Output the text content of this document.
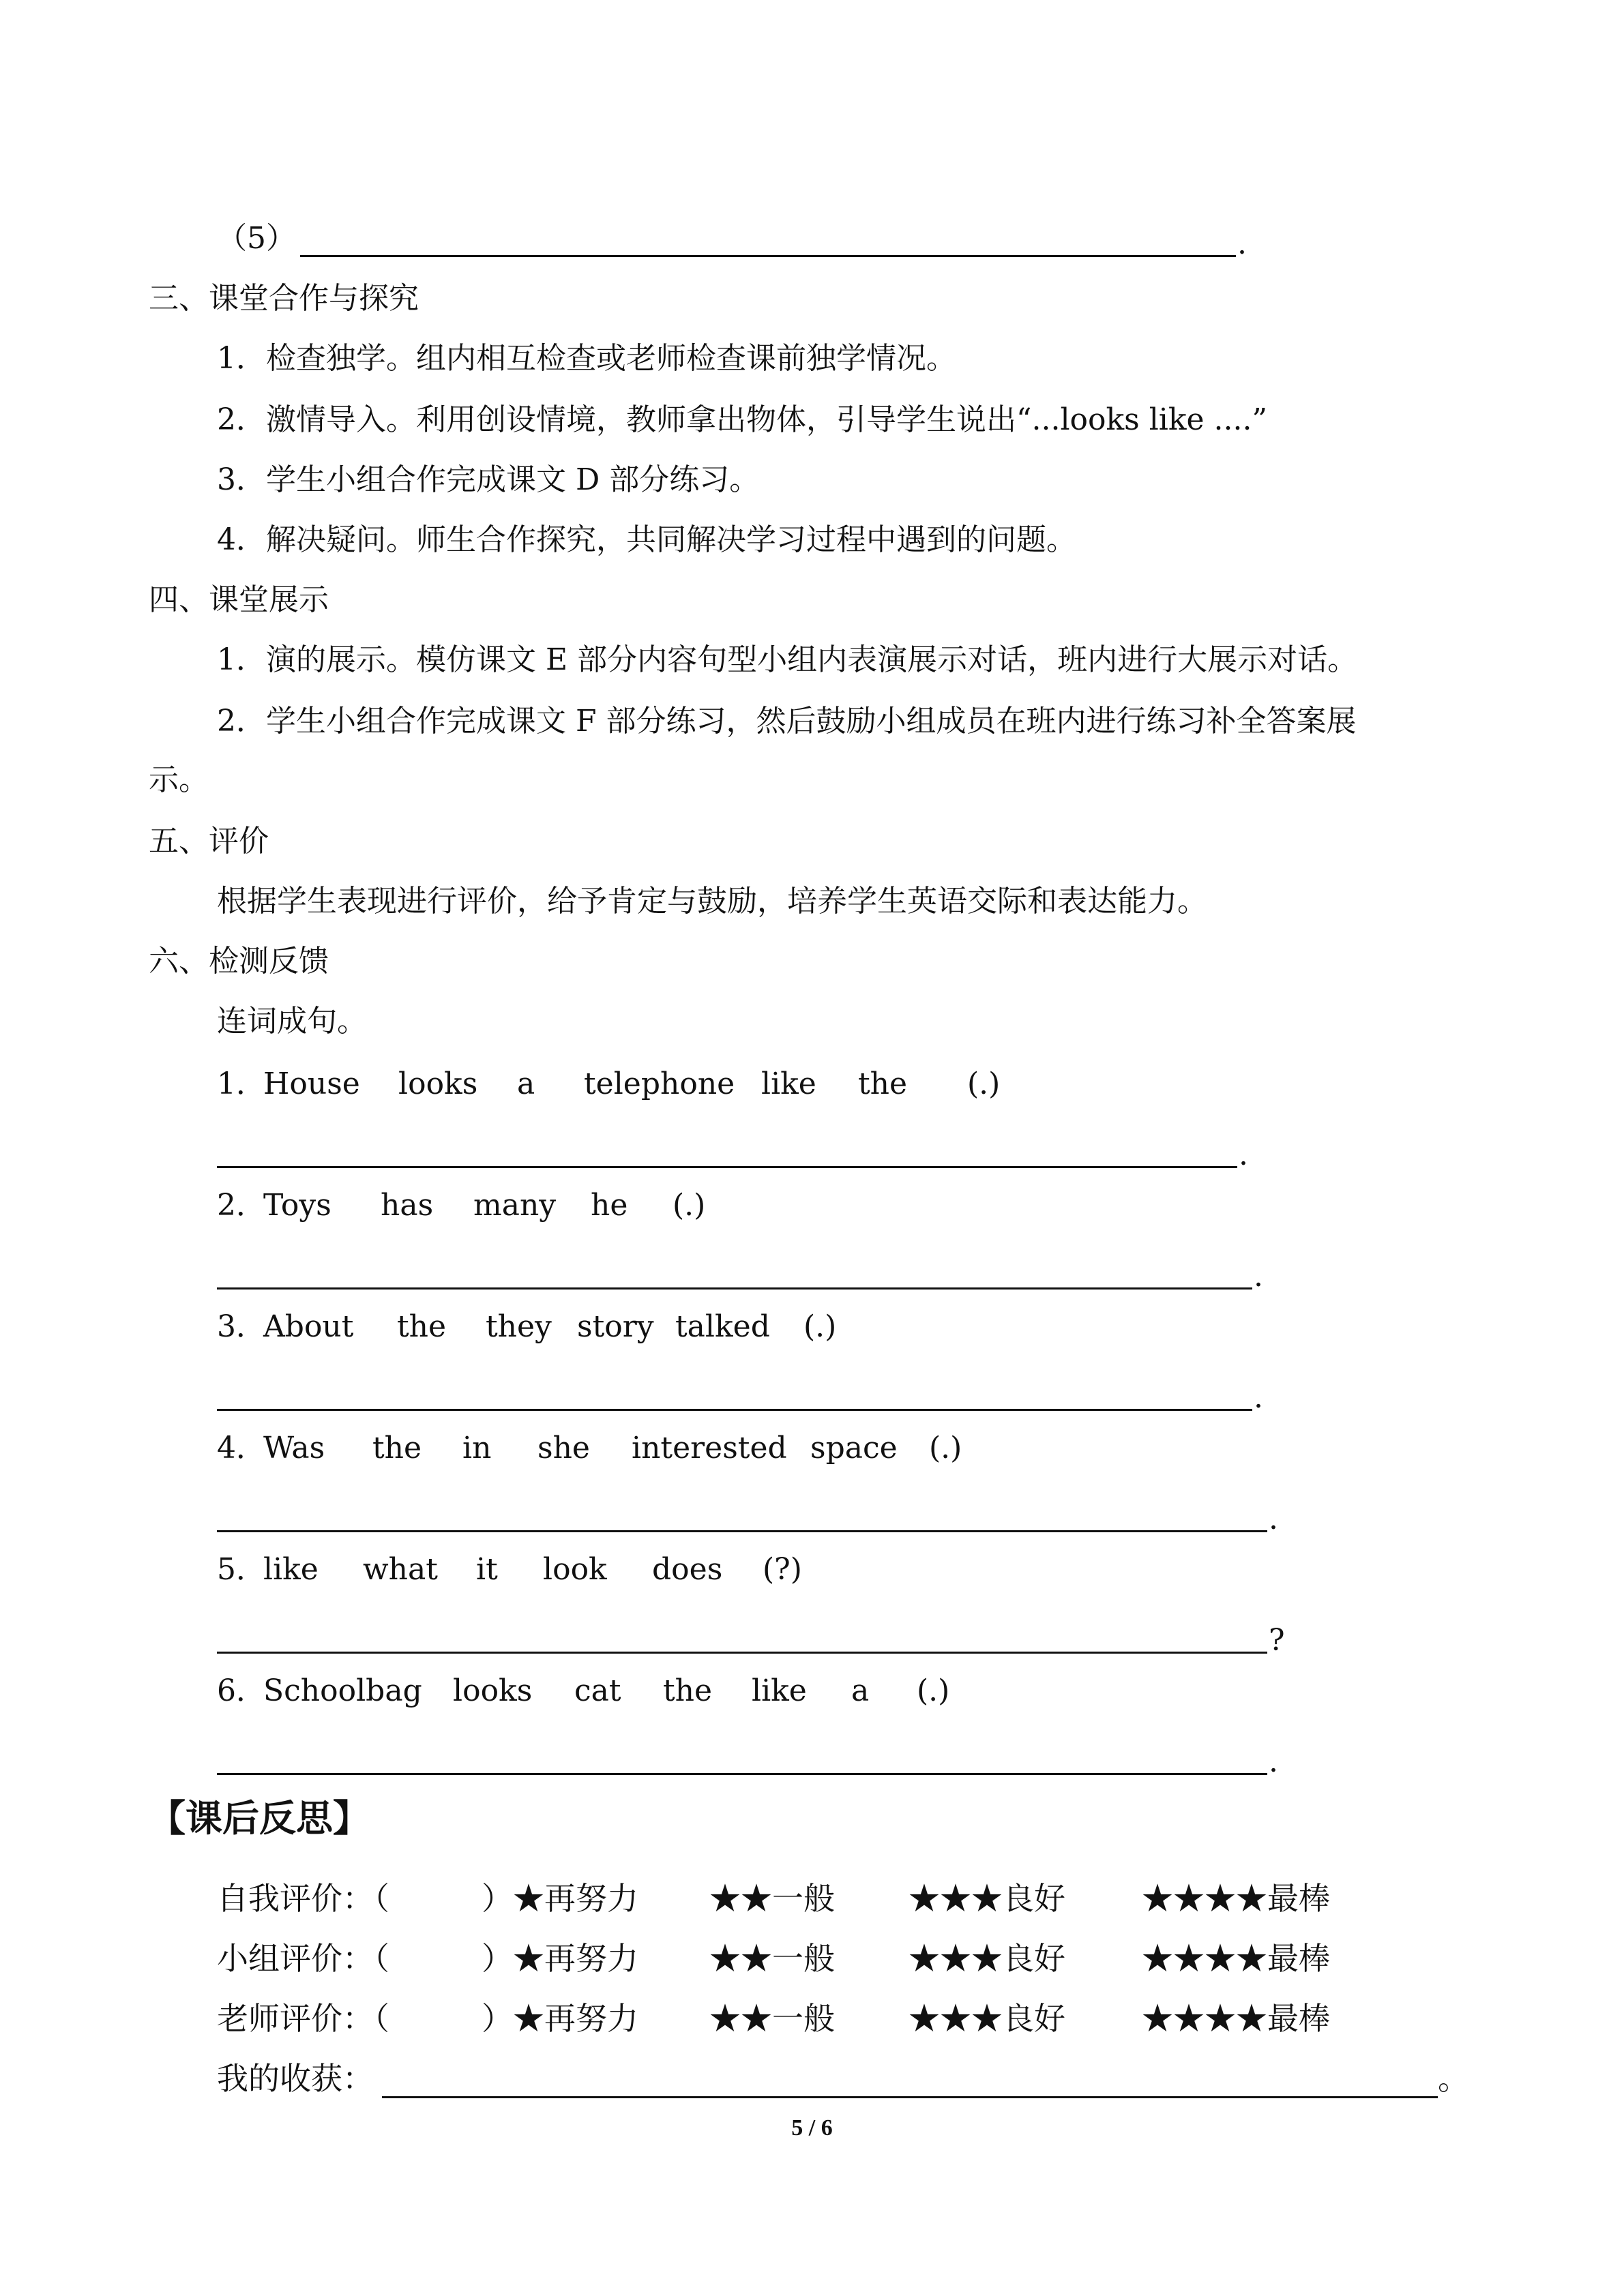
（5）	.
三、课堂合作与探究
1．检查独学。组内相互检查或老师检查课前独学情况。
2．激情导入。利用创设情境，教师拿出物体，引导学生说出“...looks like ....”
3．学生小组合作完成课文 D 部分练习。
4．解决疑问。师生合作探究，共同解决学习过程中遇到的问题。
四、课堂展示
1．演的展示。模仿课文 E 部分内容句型小组内表演展示对话，班内进行大展示对话。
2．学生小组合作完成课文 F 部分练习，然后鼓励小组成员在班内进行练习补全答案展
示。
五、评价
根据学生表现进行评价，给予肯定与鼓励，培养学生英语交际和表达能力。
六、检测反馈
连词成句。
1．
House looks a telephone like the (.)
.
2．
Toys has many he (.)
.
3．
About the they story talked (.)
.
4．
Was the in she interested space (.)
.
5．
like what it look does (?)
?
6．
Schoolbag looks cat the like a (.)
.
【课后反思】
自我评价：（	）★再努力 ★★一般 ★★★良好 ★★★★最棒
小组评价：（	）★再努力 ★★一般 ★★★良好 ★★★★最棒
老师评价：（	）★再努力 ★★一般 ★★★良好 ★★★★最棒
我的收获：	。
5 / 6
